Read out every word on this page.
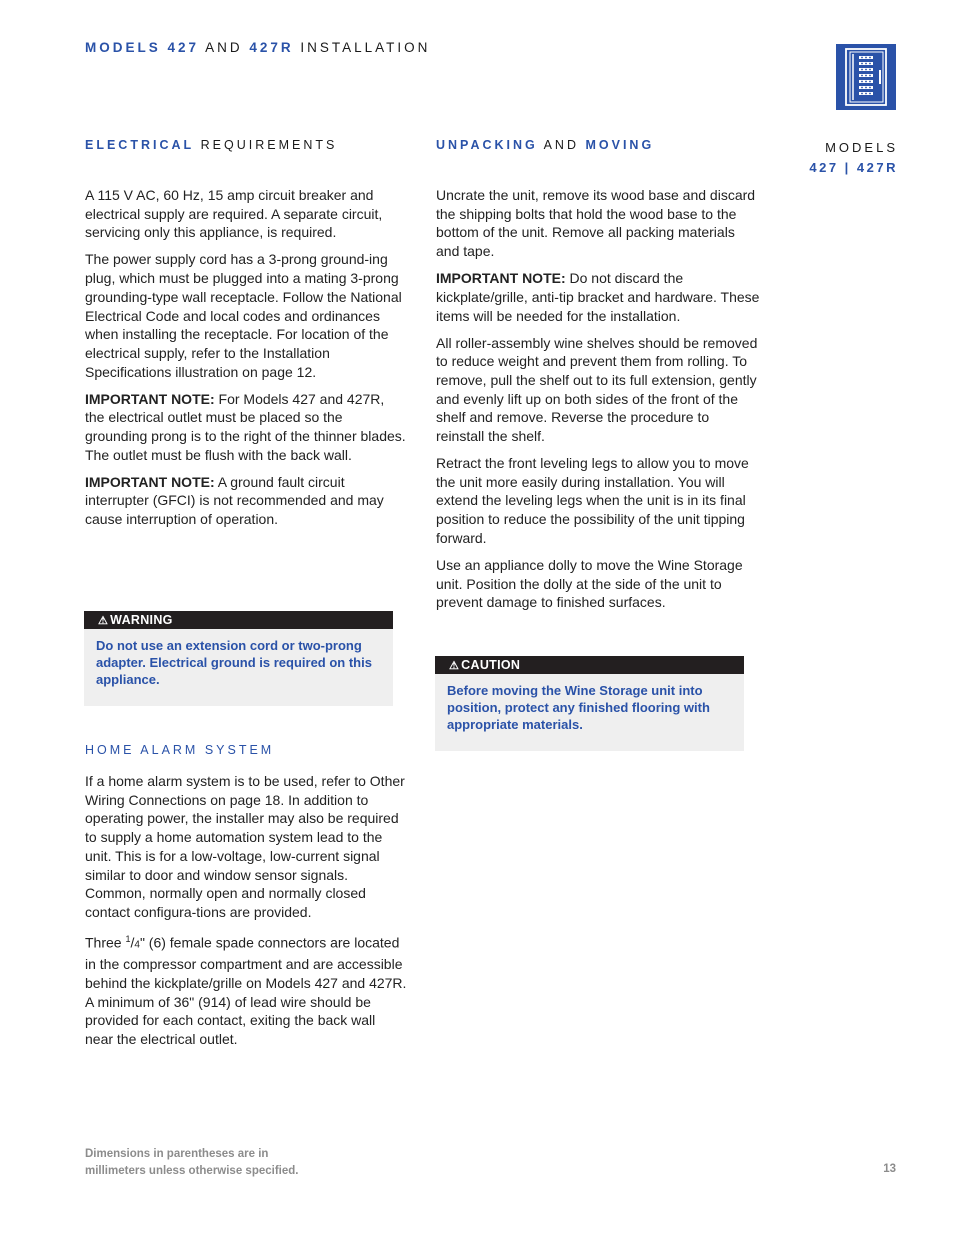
MODELS 427 AND 427R INSTALLATION
MODELS
427 | 427R
ELECTRICAL REQUIREMENTS

A 115 V AC, 60 Hz, 15 amp circuit breaker and electrical supply are required. A separate circuit, servicing only this appliance, is required.

The power supply cord has a 3-prong ground-ing plug, which must be plugged into a mating 3-prong grounding-type wall receptacle. Follow the National Electrical Code and local codes and ordinances when installing the receptacle. For location of the electrical supply, refer to the Installation Specifications illustration on page 12.

IMPORTANT NOTE: For Models 427 and 427R, the electrical outlet must be placed so the grounding prong is to the right of the thinner blades. The outlet must be flush with the back wall.

IMPORTANT NOTE: A ground fault circuit interrupter (GFCI) is not recommended and may cause interruption of operation.

⚠ WARNING
Do not use an extension cord or two-prong adapter. Electrical ground is required on this appliance.
HOME ALARM SYSTEM

If a home alarm system is to be used, refer to Other Wiring Connections on page 18. In addition to operating power, the installer may also be required to supply a home automation system lead to the unit. This is for a low-voltage, low-current signal similar to door and window sensor signals. Common, normally open and normally closed contact configura-tions are provided.

Three $^1$/4" (6) female spade connectors are located in the compressor compartment and are accessible behind the kickplate/grille on Models 427 and 427R. A minimum of 36" (914) of lead wire should be provided for each contact, exiting the back wall near the electrical outlet.

UNPACKING AND MOVING

Uncrate the unit, remove its wood base and discard the shipping bolts that hold the wood base to the bottom of the unit. Remove all packing materials and tape.

IMPORTANT NOTE: Do not discard the kickplate/grille, anti-tip bracket and hardware. These items will be needed for the installation.

All roller-assembly wine shelves should be removed to reduce weight and prevent them from rolling. To remove, pull the shelf out to its full extension, gently and evenly lift up on both sides of the front of the shelf and remove. Reverse the procedure to reinstall the shelf.

Retract the front leveling legs to allow you to move the unit more easily during installation. You will extend the leveling legs when the unit is in its final position to reduce the possibility of the unit tipping forward.

Use an appliance dolly to move the Wine Storage unit. Position the dolly at the side of the unit to prevent damage to finished surfaces.

⚠ CAUTION
Before moving the Wine Storage unit into position, protect any finished flooring with appropriate materials.
Dimensions in parentheses are in
millimeters unless otherwise specified.	13
